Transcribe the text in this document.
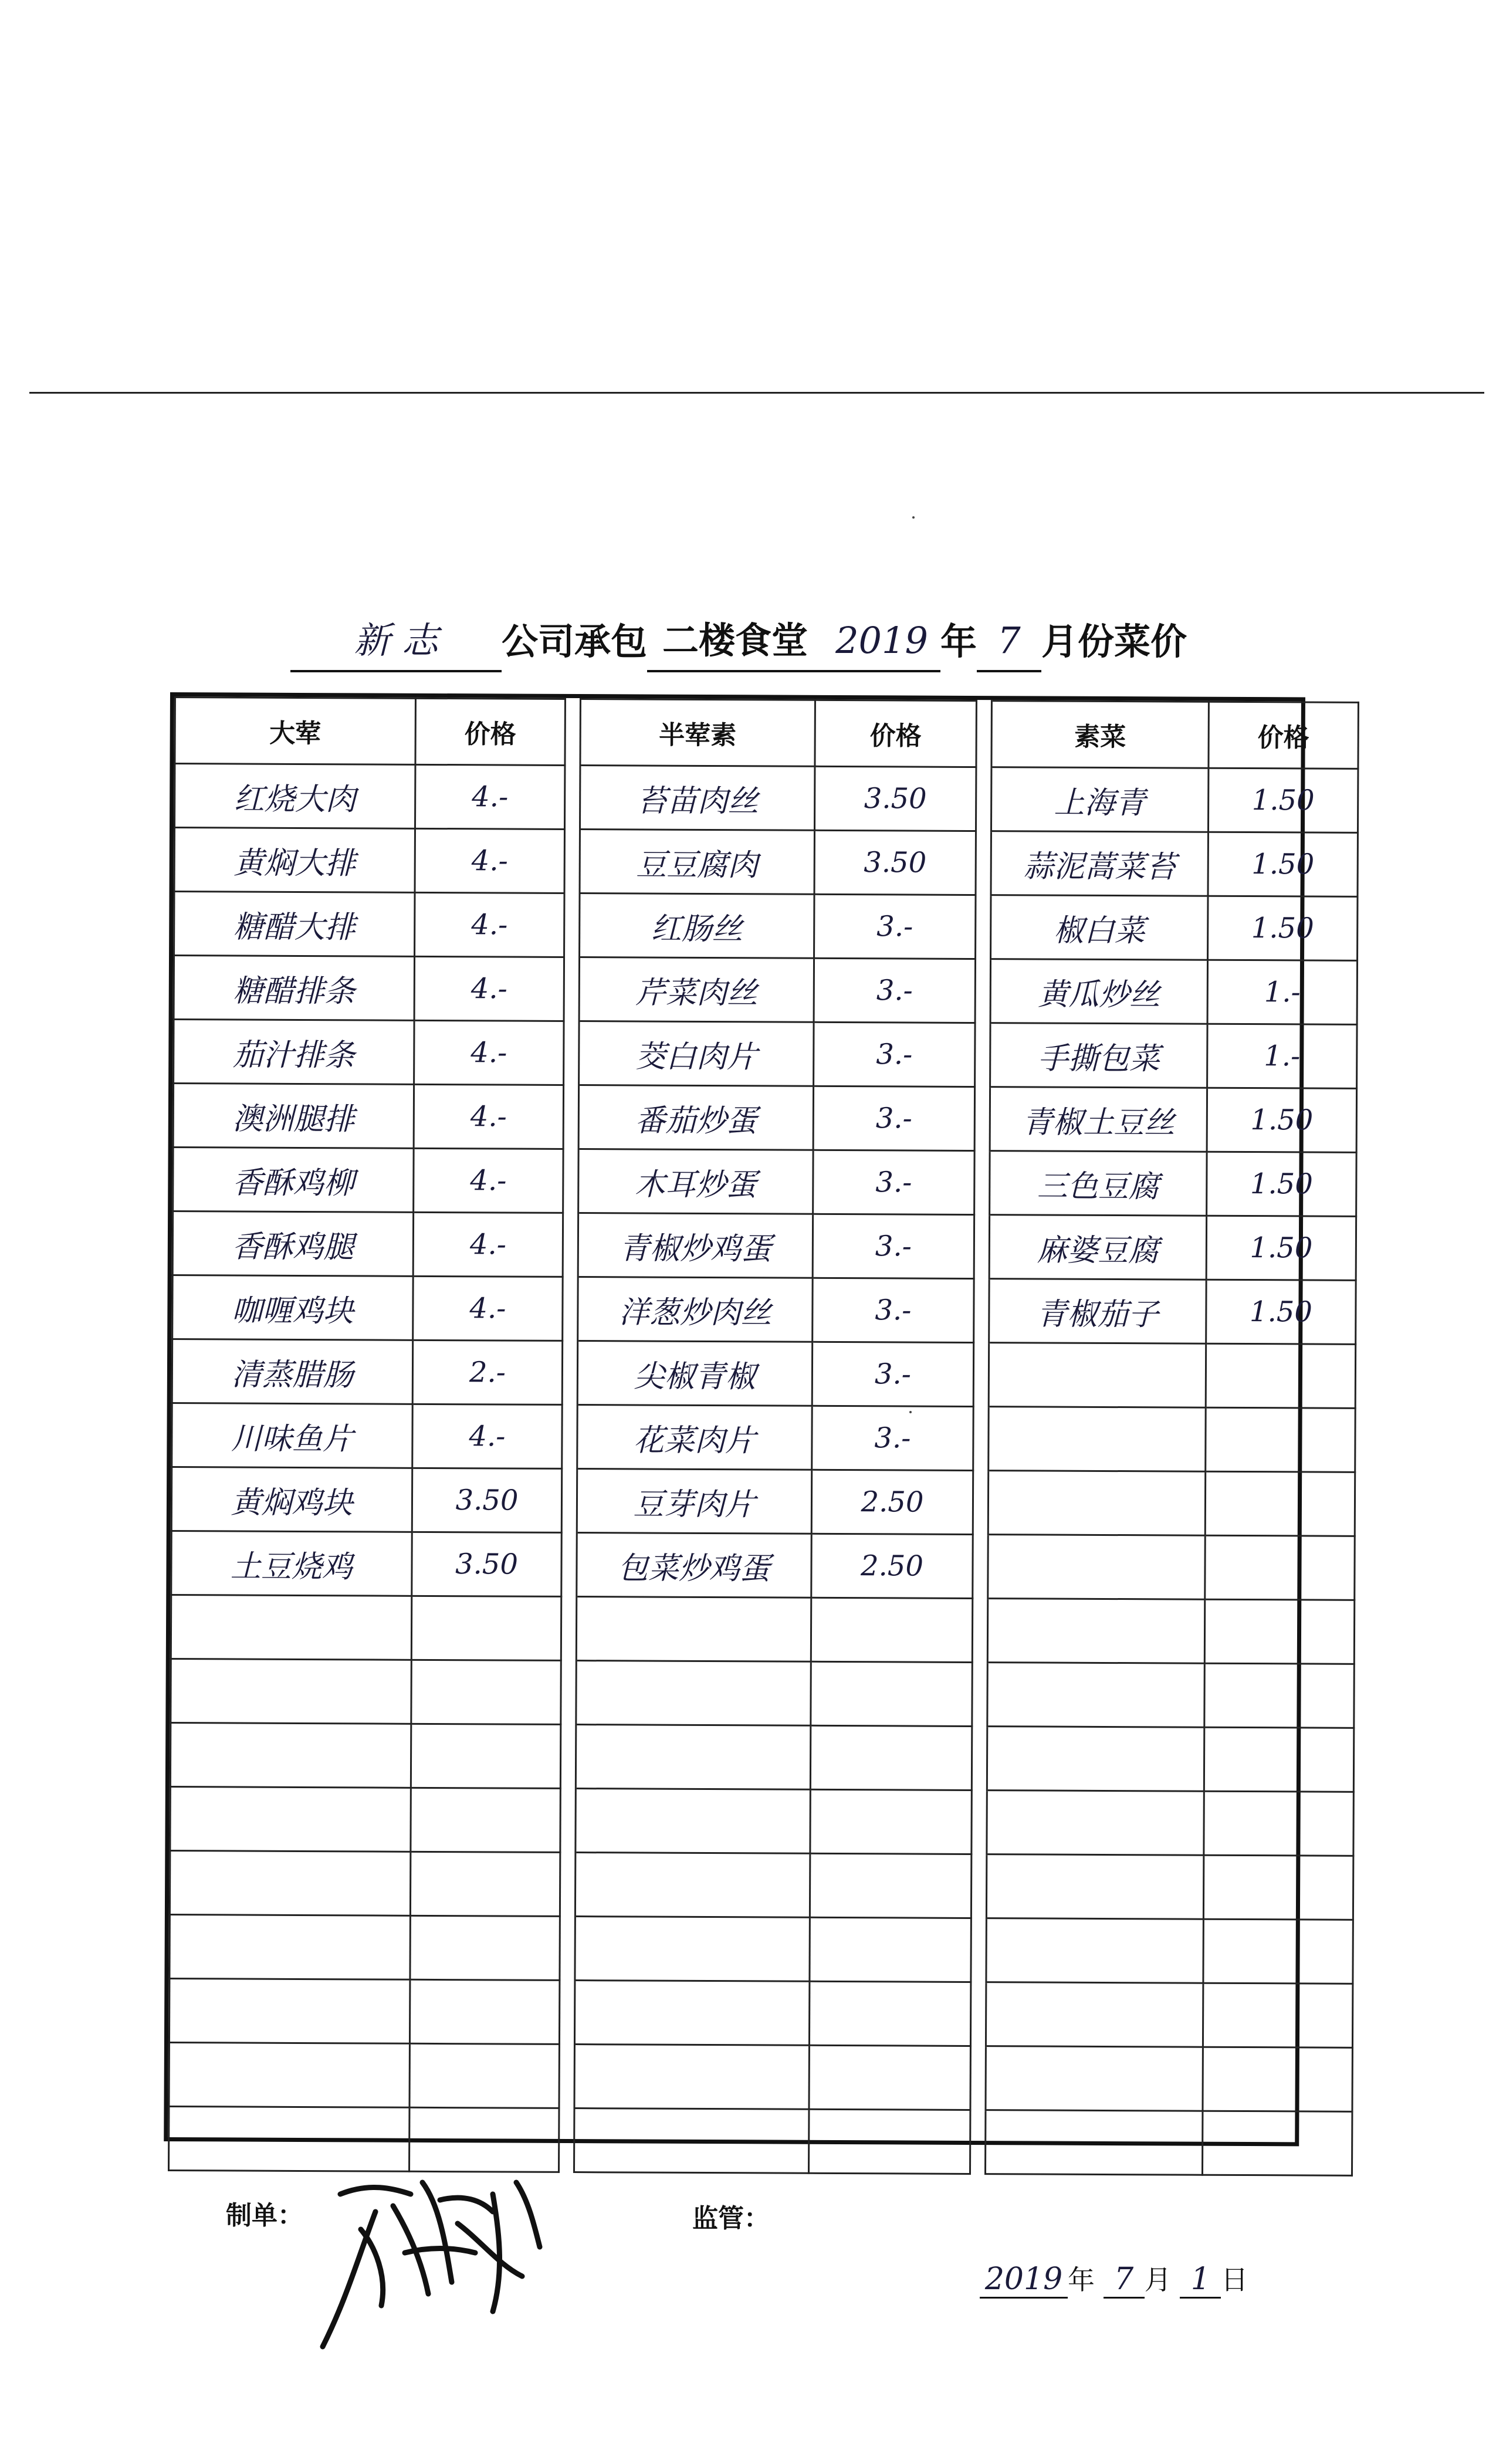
新 志 公司承包 二楼食堂 2019 年 7 月份菜价
大荤	价格		半荤素	价格		素菜	价格
红烧大肉	4.-		苔苗肉丝	3.50		上海青	1.50
黄焖大排	4.-		豆豆腐肉	3.50		蒜泥蒿菜苔	1.50
糖醋大排	4.-		红肠丝	3.-		椒白菜	1.50
糖醋排条	4.-		芹菜肉丝	3.-		黄瓜炒丝	1.-
茄汁排条	4.-		茭白肉片	3.-		手撕包菜	1.-
澳洲腿排	4.-		番茄炒蛋	3.-		青椒土豆丝	1.50
香酥鸡柳	4.-		木耳炒蛋	3.-		三色豆腐	1.50
香酥鸡腿	4.-		青椒炒鸡蛋	3.-		麻婆豆腐	1.50
咖喱鸡块	4.-		洋葱炒肉丝	3.-		青椒茄子	1.50
清蒸腊肠	2.-		尖椒青椒	3.-			
川味鱼片	4.-		花菜肉片	3.-			
黄焖鸡块	3.50		豆芽肉片	2.50			
土豆烧鸡	3.50		包菜炒鸡蛋	2.50			

制单：	监管：
2019 年 7 月 1 日
